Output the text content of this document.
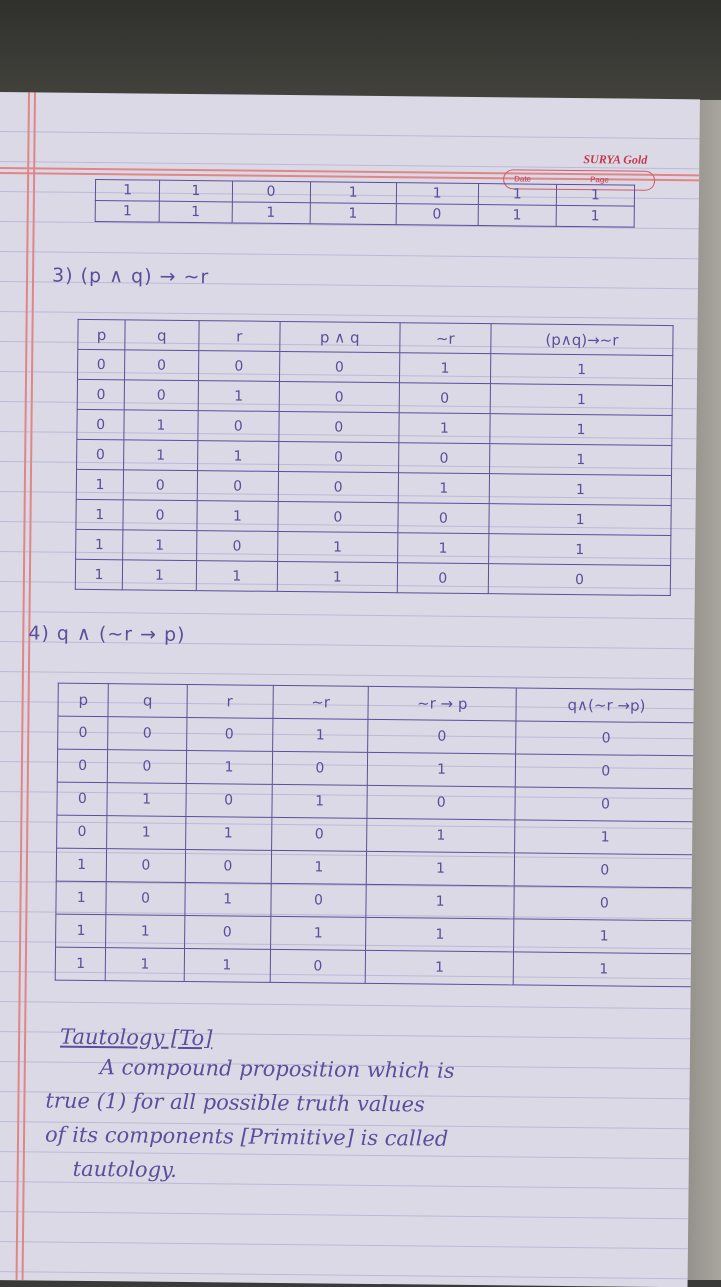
SURYA Gold
Date	Page
1	1	0	1	1	1	1
1	1	1	1	0	1	1
3) (p ∧ q) → ~r
p	q	r	p ∧ q	~r	(p∧q)→~r
0	0	0	0	1	1
0	0	1	0	0	1
0	1	0	0	1	1
0	1	1	0	0	1
1	0	0	0	1	1
1	0	1	0	0	1
1	1	0	1	1	1
1	1	1	1	0	0
4) q ∧ (~r → p)
p	q	r	~r	~r → p	q∧(~r →p)
0	0	0	1	0	0
0	0	1	0	1	0
0	1	0	1	0	0
0	1	1	0	1	1
1	0	0	1	1	0
1	0	1	0	1	0
1	1	0	1	1	1
1	1	1	0	1	1
Tautology [To]
A compound proposition which is
true (1) for all possible truth values
of its components [Primitive] is called
tautology.
